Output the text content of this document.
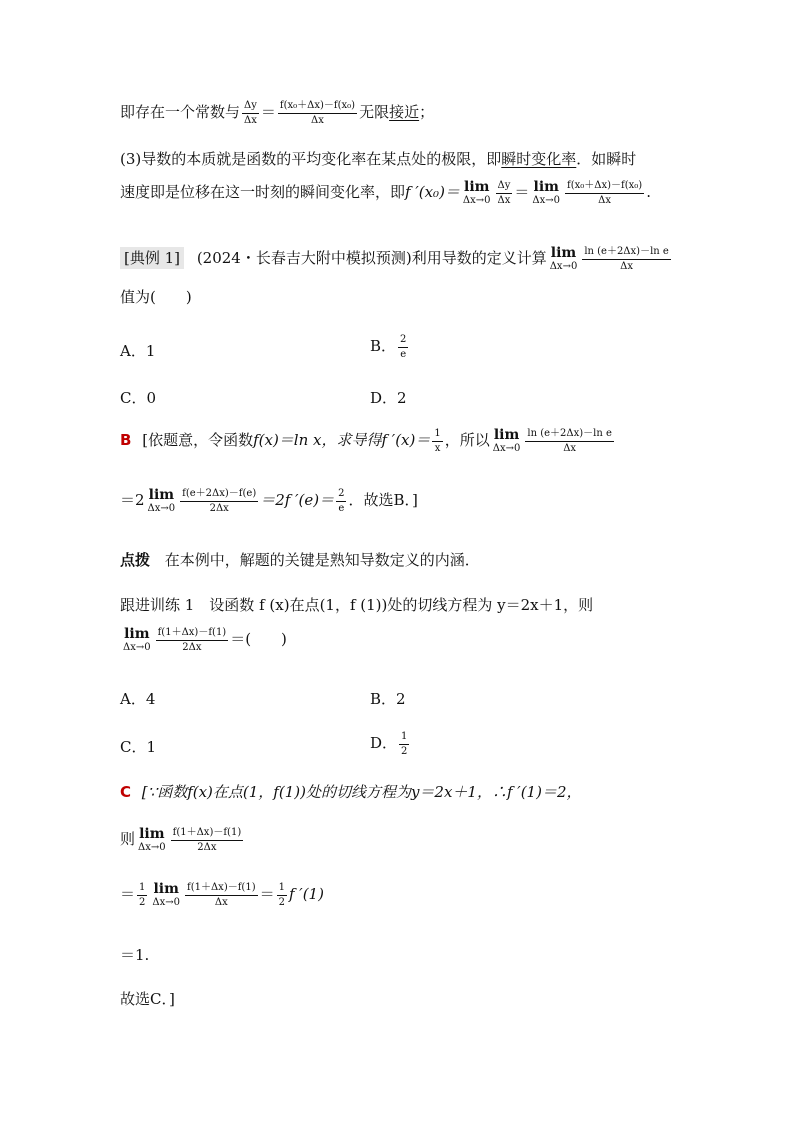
即存在一个常数与 $\frac{\Delta y}{\Delta x} = \frac{\text{f(x₀＋Δx)－f(x₀)}}{\Delta x}$ 无限接近；
(3)导数的本质就是函数的平均变化率在某点处的极限，即瞬时变化率．如瞬时
速度即是位移在这一时刻的瞬间变化率，即f ′(x₀)＝ lim
$\Delta x\to 0 \frac{\Delta y}{\Delta x} = \lim$
$\Delta x\to 0 \frac{\text{f(x₀＋Δx)－f(x₀)}}{\Delta x}$ .
[典例 1] (2024・长春吉大附中模拟预测)利用导数的定义计算 lim
$\Delta x\to 0 \frac{\text{ln (e＋2Δx)－ln e}}{\Delta x}$
值为(　　)
A．1	B． $\frac{2}{e}$
C．0	D．2
B [依题意，令函数f(x)＝ln x，求导得f $'(x)= \frac{1}{x}$ ，所以 lim
$\Delta x\to 0 \frac{\text{ln (e＋2Δx)－ln e}}{\Delta x}$
＝2 lim
$\Delta x\to 0 \frac{f(e+2\Delta x)-f(e)}{2\Delta x} =2f$ $'(e)= \frac{2}{e}$ ．故选B．]
点拨 在本例中，解题的关键是熟知导数定义的内涵．
跟进训练 1　设函数 f (x)在点(1，f (1))处的切线方程为 y＝2x＋1，则
lim
$\Delta x\to 0 \frac{f(1+\Delta x)-f(1)}{2\Delta x}$ ＝(　　)
A．4	B．2
C．1	D． $\frac{1}{2}$
C [∵函数f(x)在点(1，f(1))处的切线方程为y＝2x＋1，∴f ′(1)＝2，
则 lim
$\Delta x\to 0 \frac{f(1+\Delta x)-f(1)}{2\Delta x}$
＝ $\frac{1}{2}$ lim
$\Delta x\to 0 \frac{f(1+\Delta x)-f(1)}{\Delta x} = \frac{1}{2}$ f ′(1)
＝1.
故选C．]
